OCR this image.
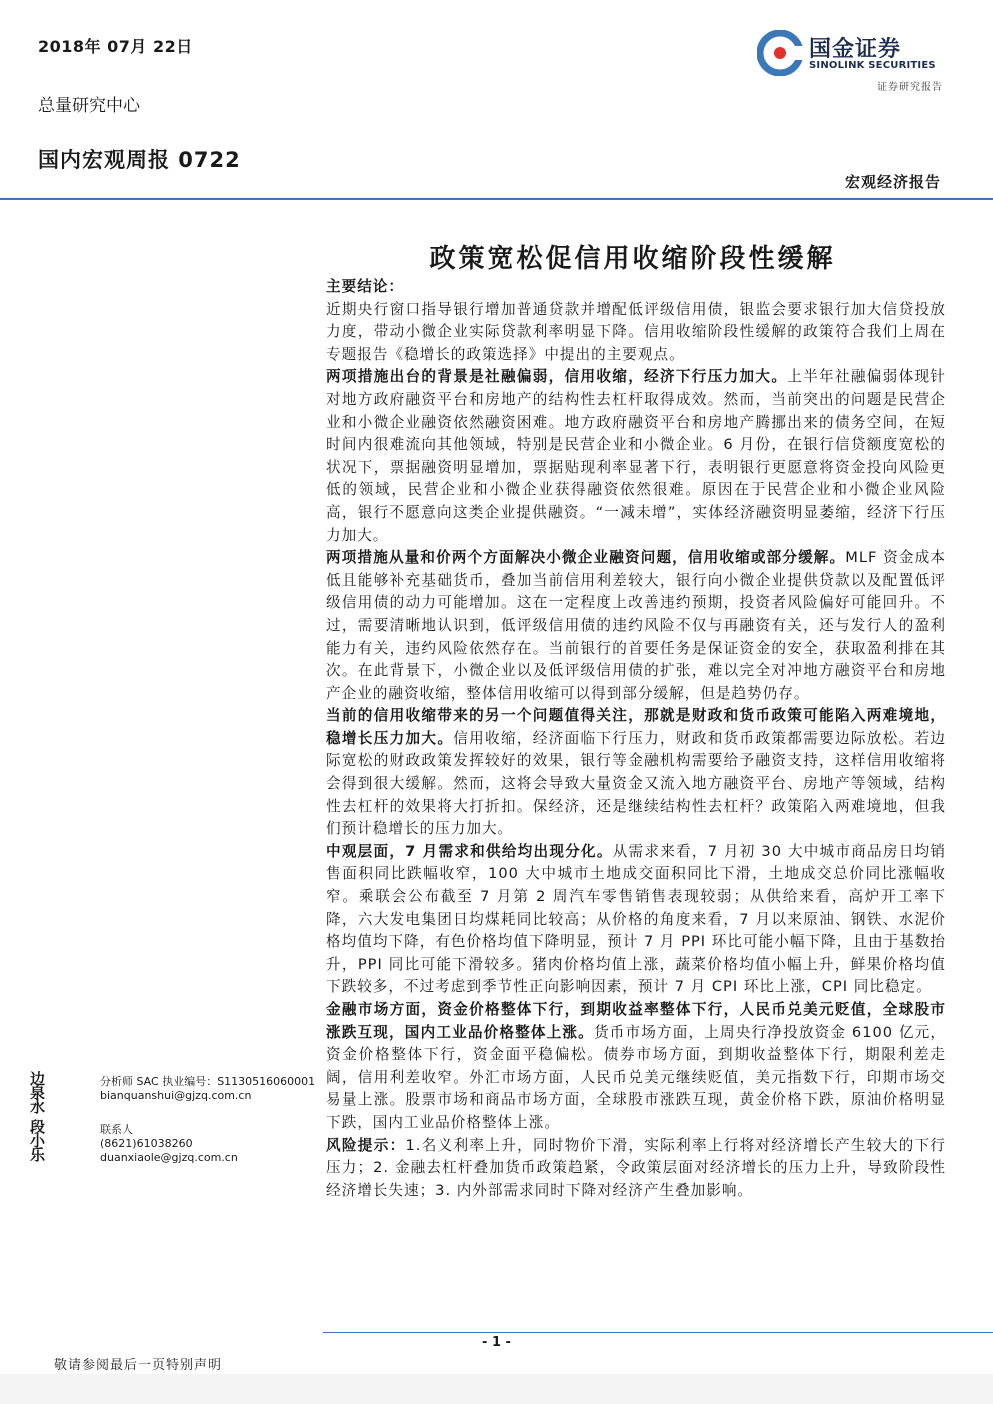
2018年 07月 22日
总量研究中心
国内宏观周报 0722
国金证券
SINOLINK SECURITIES
证券研究报告
宏观经济报告
政策宽松促信用收缩阶段性缓解

主要结论：

近期央行窗口指导银行增加普通贷款并增配低评级信用债，银监会要求银行加大信贷投放力度，带动小微企业实际贷款利率明显下降。信用收缩阶段性缓解的政策符合我们上周在专题报告《稳增长的政策选择》中提出的主要观点。

两项措施出台的背景是社融偏弱，信用收缩，经济下行压力加大。上半年社融偏弱体现针对地方政府融资平台和房地产的结构性去杠杆取得成效。然而，当前突出的问题是民营企业和小微企业融资依然融资困难。地方政府融资平台和房地产腾挪出来的债务空间，在短时间内很难流向其他领域，特别是民营企业和小微企业。6 月份，在银行信贷额度宽松的状况下，票据融资明显增加，票据贴现利率显著下行，表明银行更愿意将资金投向风险更低的领域，民营企业和小微企业获得融资依然很难。原因在于民营企业和小微企业风险高，银行不愿意向这类企业提供融资。“一减未增”，实体经济融资明显萎缩，经济下行压力加大。

两项措施从量和价两个方面解决小微企业融资问题，信用收缩或部分缓解。MLF 资金成本低且能够补充基础货币，叠加当前信用利差较大，银行向小微企业提供贷款以及配置低评级信用债的动力可能增加。这在一定程度上改善违约预期，投资者风险偏好可能回升。不过，需要清晰地认识到，低评级信用债的违约风险不仅与再融资有关，还与发行人的盈利能力有关，违约风险依然存在。当前银行的首要任务是保证资金的安全，获取盈利排在其次。在此背景下，小微企业以及低评级信用债的扩张，难以完全对冲地方融资平台和房地产企业的融资收缩，整体信用收缩可以得到部分缓解，但是趋势仍存。

当前的信用收缩带来的另一个问题值得关注，那就是财政和货币政策可能陷入两难境地，稳增长压力加大。信用收缩，经济面临下行压力，财政和货币政策都需要边际放松。若边际宽松的财政政策发挥较好的效果，银行等金融机构需要给予融资支持，这样信用收缩将会得到很大缓解。然而，这将会导致大量资金又流入地方融资平台、房地产等领域，结构性去杠杆的效果将大打折扣。保经济，还是继续结构性去杠杆？政策陷入两难境地，但我们预计稳增长的压力加大。

中观层面，7 月需求和供给均出现分化。从需求来看，7 月初 30 大中城市商品房日均销售面积同比跌幅收窄，100 大中城市土地成交面积同比下滑，土地成交总价同比涨幅收窄。乘联会公布截至 7 月第 2 周汽车零售销售表现较弱；从供给来看，高炉开工率下降，六大发电集团日均煤耗同比较高；从价格的角度来看，7 月以来原油、钢铁、水泥价格均值均下降，有色价格均值下降明显，预计 7 月 PPI 环比可能小幅下降，且由于基数抬升，PPI 同比可能下滑较多。猪肉价格均值上涨，蔬菜价格均值小幅上升，鲜果价格均值下跌较多，不过考虑到季节性正向影响因素，预计 7 月 CPI 环比上涨，CPI 同比稳定。

金融市场方面，资金价格整体下行，到期收益率整体下行，人民币兑美元贬值，全球股市涨跌互现，国内工业品价格整体上涨。货币市场方面，上周央行净投放资金 6100 亿元，资金价格整体下行，资金面平稳偏松。债券市场方面，到期收益整体下行，期限利差走阔，信用利差收窄。外汇市场方面，人民币兑美元继续贬值，美元指数下行，印期市场交易量上涨。股票市场和商品市场方面，全球股市涨跌互现，黄金价格下跌，原油价格明显下跌，国内工业品价格整体上涨。

风险提示：1.名义利率上升，同时物价下滑，实际利率上行将对经济增长产生较大的下行压力；2. 金融去杠杆叠加货币政策趋紧，令政策层面对经济增长的压力上升，导致阶段性经济增长失速；3. 内外部需求同时下降对经济产生叠加影响。

边泉水
分析师 SAC 执业编号：S1130516060001
bianquanshui@gjzq.com.cn
段小乐
联系人
(8621)61038260
duanxiaole@gjzq.com.cn
- 1 -
敬请参阅最后一页特别声明
